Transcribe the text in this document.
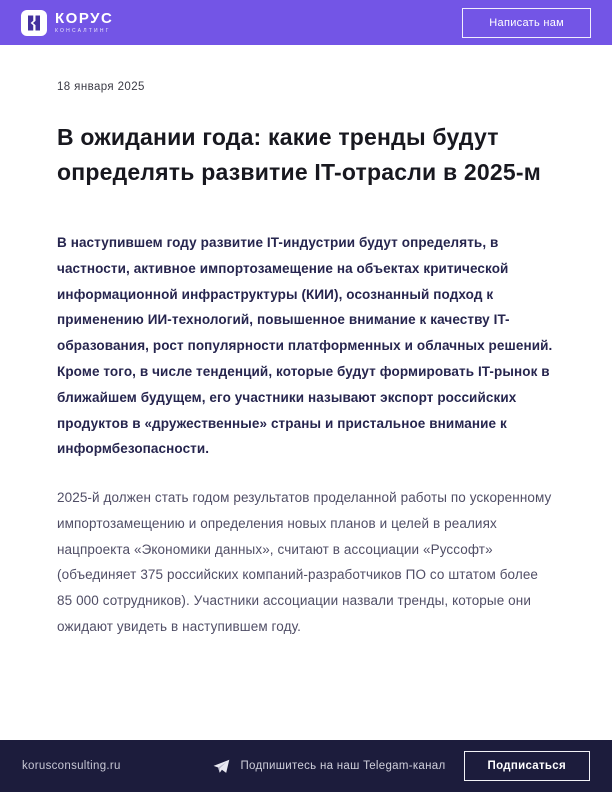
КОРУС
КОНСАЛТИНГ
Написать нам
18 января 2025
В ожидании года: какие тренды будут определять развитие IT-отрасли в 2025-м

В наступившем году развитие IT-индустрии будут определять, в частности, активное импортозамещение на объектах критической информационной инфраструктуры (КИИ), осознанный подход к применению ИИ-технологий, повышенное внимание к качеству IT-образования, рост популярности платформенных и облачных решений. Кроме того, в числе тенденций, которые будут формировать IT-рынок в ближайшем будущем, его участники называют экспорт российских продуктов в «дружественные» страны и пристальное внимание к информбезопасности.

2025-й должен стать годом результатов проделанной работы по ускоренному импортозамещению и определения новых планов и целей в реалиях нацпроекта «Экономики данных», считают в ассоциации «Руссофт» (объединяет 375 российских компаний-разработчиков ПО со штатом более 85 000 сотрудников). Участники ассоциации назвали тренды, которые они ожидают увидеть в наступившем году.

korusconsulting.ru	Подпишитесь на наш Telegam-канал	Подписаться
